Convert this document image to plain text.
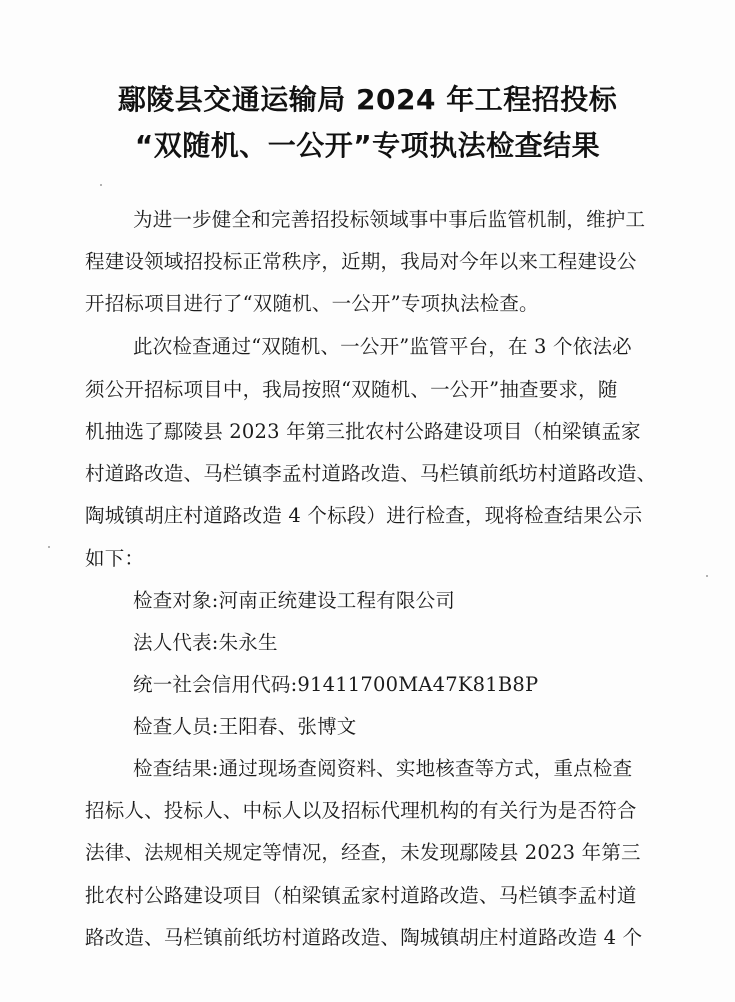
鄢陵县交通运输局 2024 年工程招投标
“双随机、一公开”专项执法检查结果
为进一步健全和完善招投标领域事中事后监管机制，维护工
程建设领域招投标正常秩序，近期，我局对今年以来工程建设公
开招标项目进行了“双随机、一公开”专项执法检查。
此次检查通过“双随机、一公开”监管平台，在 3 个依法必
须公开招标项目中，我局按照“双随机、一公开”抽查要求，随
机抽选了鄢陵县 2023 年第三批农村公路建设项目（柏梁镇孟家
村道路改造、马栏镇李孟村道路改造、马栏镇前纸坊村道路改造、
陶城镇胡庄村道路改造 4 个标段）进行检查，现将检查结果公示
如下：
检查对象:河南正统建设工程有限公司
法人代表:朱永生
统一社会信用代码:91411700MA47K81B8P
检查人员:王阳春、张博文
检查结果:通过现场查阅资料、实地核查等方式，重点检查
招标人、投标人、中标人以及招标代理机构的有关行为是否符合
法律、法规相关规定等情况，经查，未发现鄢陵县 2023 年第三
批农村公路建设项目（柏梁镇孟家村道路改造、马栏镇李孟村道
路改造、马栏镇前纸坊村道路改造、陶城镇胡庄村道路改造 4 个
